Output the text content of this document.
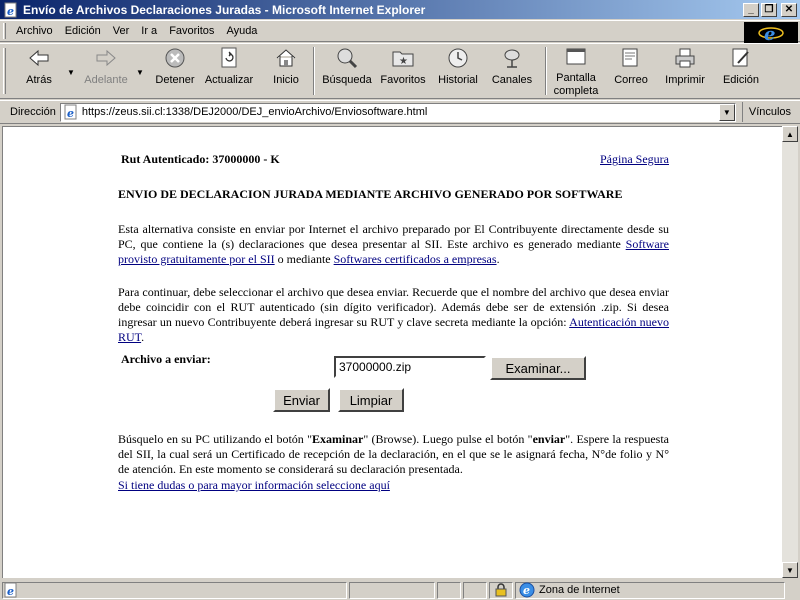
e Envío de Archivos Declaraciones Juradas - Microsoft Internet Explorer	_	❐	✕
Archivo	Edición	Ver	Ir a	Favoritos	Ayuda	e
Atrás
▼
Adelante
▼
Detener Actualizar Inicio Búsqueda
★
Favoritos Historial Canales Pantalla
completa
Correo Imprimir Edición
Dirección e https://zeus.sii.cl:1338/DEJ2000/DEJ_envioArchivo/Enviosoftware.html	▼	Vínculos
Rut Autenticado: 37000000 - K	Página Segura
ENVIO DE DECLARACION JURADA MEDIANTE ARCHIVO GENERADO POR SOFTWARE
Esta alternativa consiste en enviar por Internet el archivo preparado por El Contribuyente directamente desde su PC, que contiene la (s) declaraciones que desea presentar al SII. Este archivo es generado mediante Software provisto gratuitamente por el SII o mediante Softwares certificados a empresas.
Para continuar, debe seleccionar el archivo que desea enviar. Recuerde que el nombre del archivo que desea enviar debe coincidir con el RUT autenticado (sin dígito verificador). Además debe ser de extensión .zip. Si desea ingresar un nuevo Contribuyente deberá ingresar su RUT y clave secreta mediante la opción: Autenticación nuevo RUT.
Archivo a enviar:
37000000.zip	Examinar...
Enviar	Limpiar
Búsquelo en su PC utilizando el botón "Examinar" (Browse). Luego pulse el botón "enviar". Espere la respuesta del SII, la cual será un Certificado de recepción de la declaración, en el que se le asignará fecha, N°de folio y N° de atención. En este momento se considerará su declaración presentada.
Si tiene dudas o para mayor información seleccione aquí
▲
▼
e	e Zona de Internet
